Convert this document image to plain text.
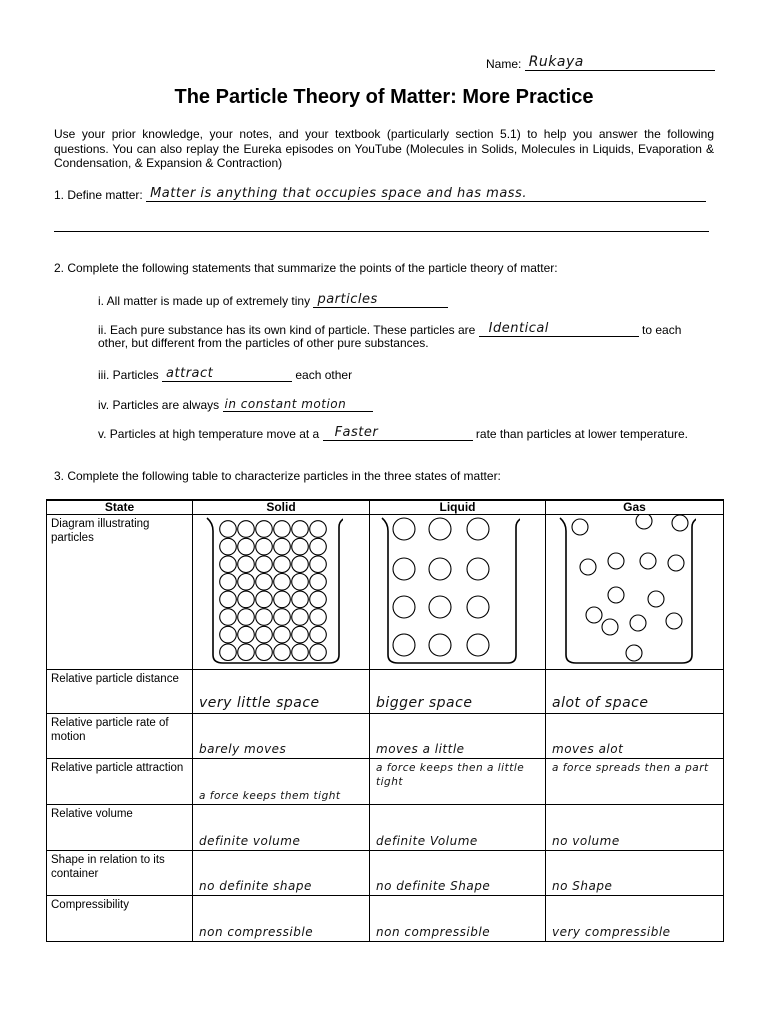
Name: Rukaya
The Particle Theory of Matter: More Practice
Use your prior knowledge, your notes, and your textbook (particularly section 5.1) to help you answer the following questions. You can also replay the Eureka episodes on YouTube (Molecules in Solids, Molecules in Liquids, Evaporation & Condensation, & Expansion & Contraction)
1. Define matter: Matter is anything that occupies space and has mass.
2. Complete the following statements that summarize the points of the particle theory of matter:
i. All matter is made up of extremely tiny particles
ii. Each pure substance has its own kind of particle. These particles are Identical	to each
other, but different from the particles of other pure substances.
iii. Particles attract	each other
iv. Particles are always in constant motion
v. Particles at high temperature move at a Faster	rate than particles at lower temperature.
3. Complete the following table to characterize particles in the three states of matter:
State	Solid	Liquid	Gas
Diagram illustrating particles	

Relative particle distance	very little space	bigger space	alot of space

Relative particle rate of motion	barely moves	moves a little	moves alot

Relative particle attraction	a force keeps them tight	a force keeps then a little tight	a force spreads then a part

Relative volume	definite volume	definite Volume	no volume

Shape in relation to its container	no definite shape	no definite Shape	no Shape

Compressibility	non compressible	non compressible	very compressible
